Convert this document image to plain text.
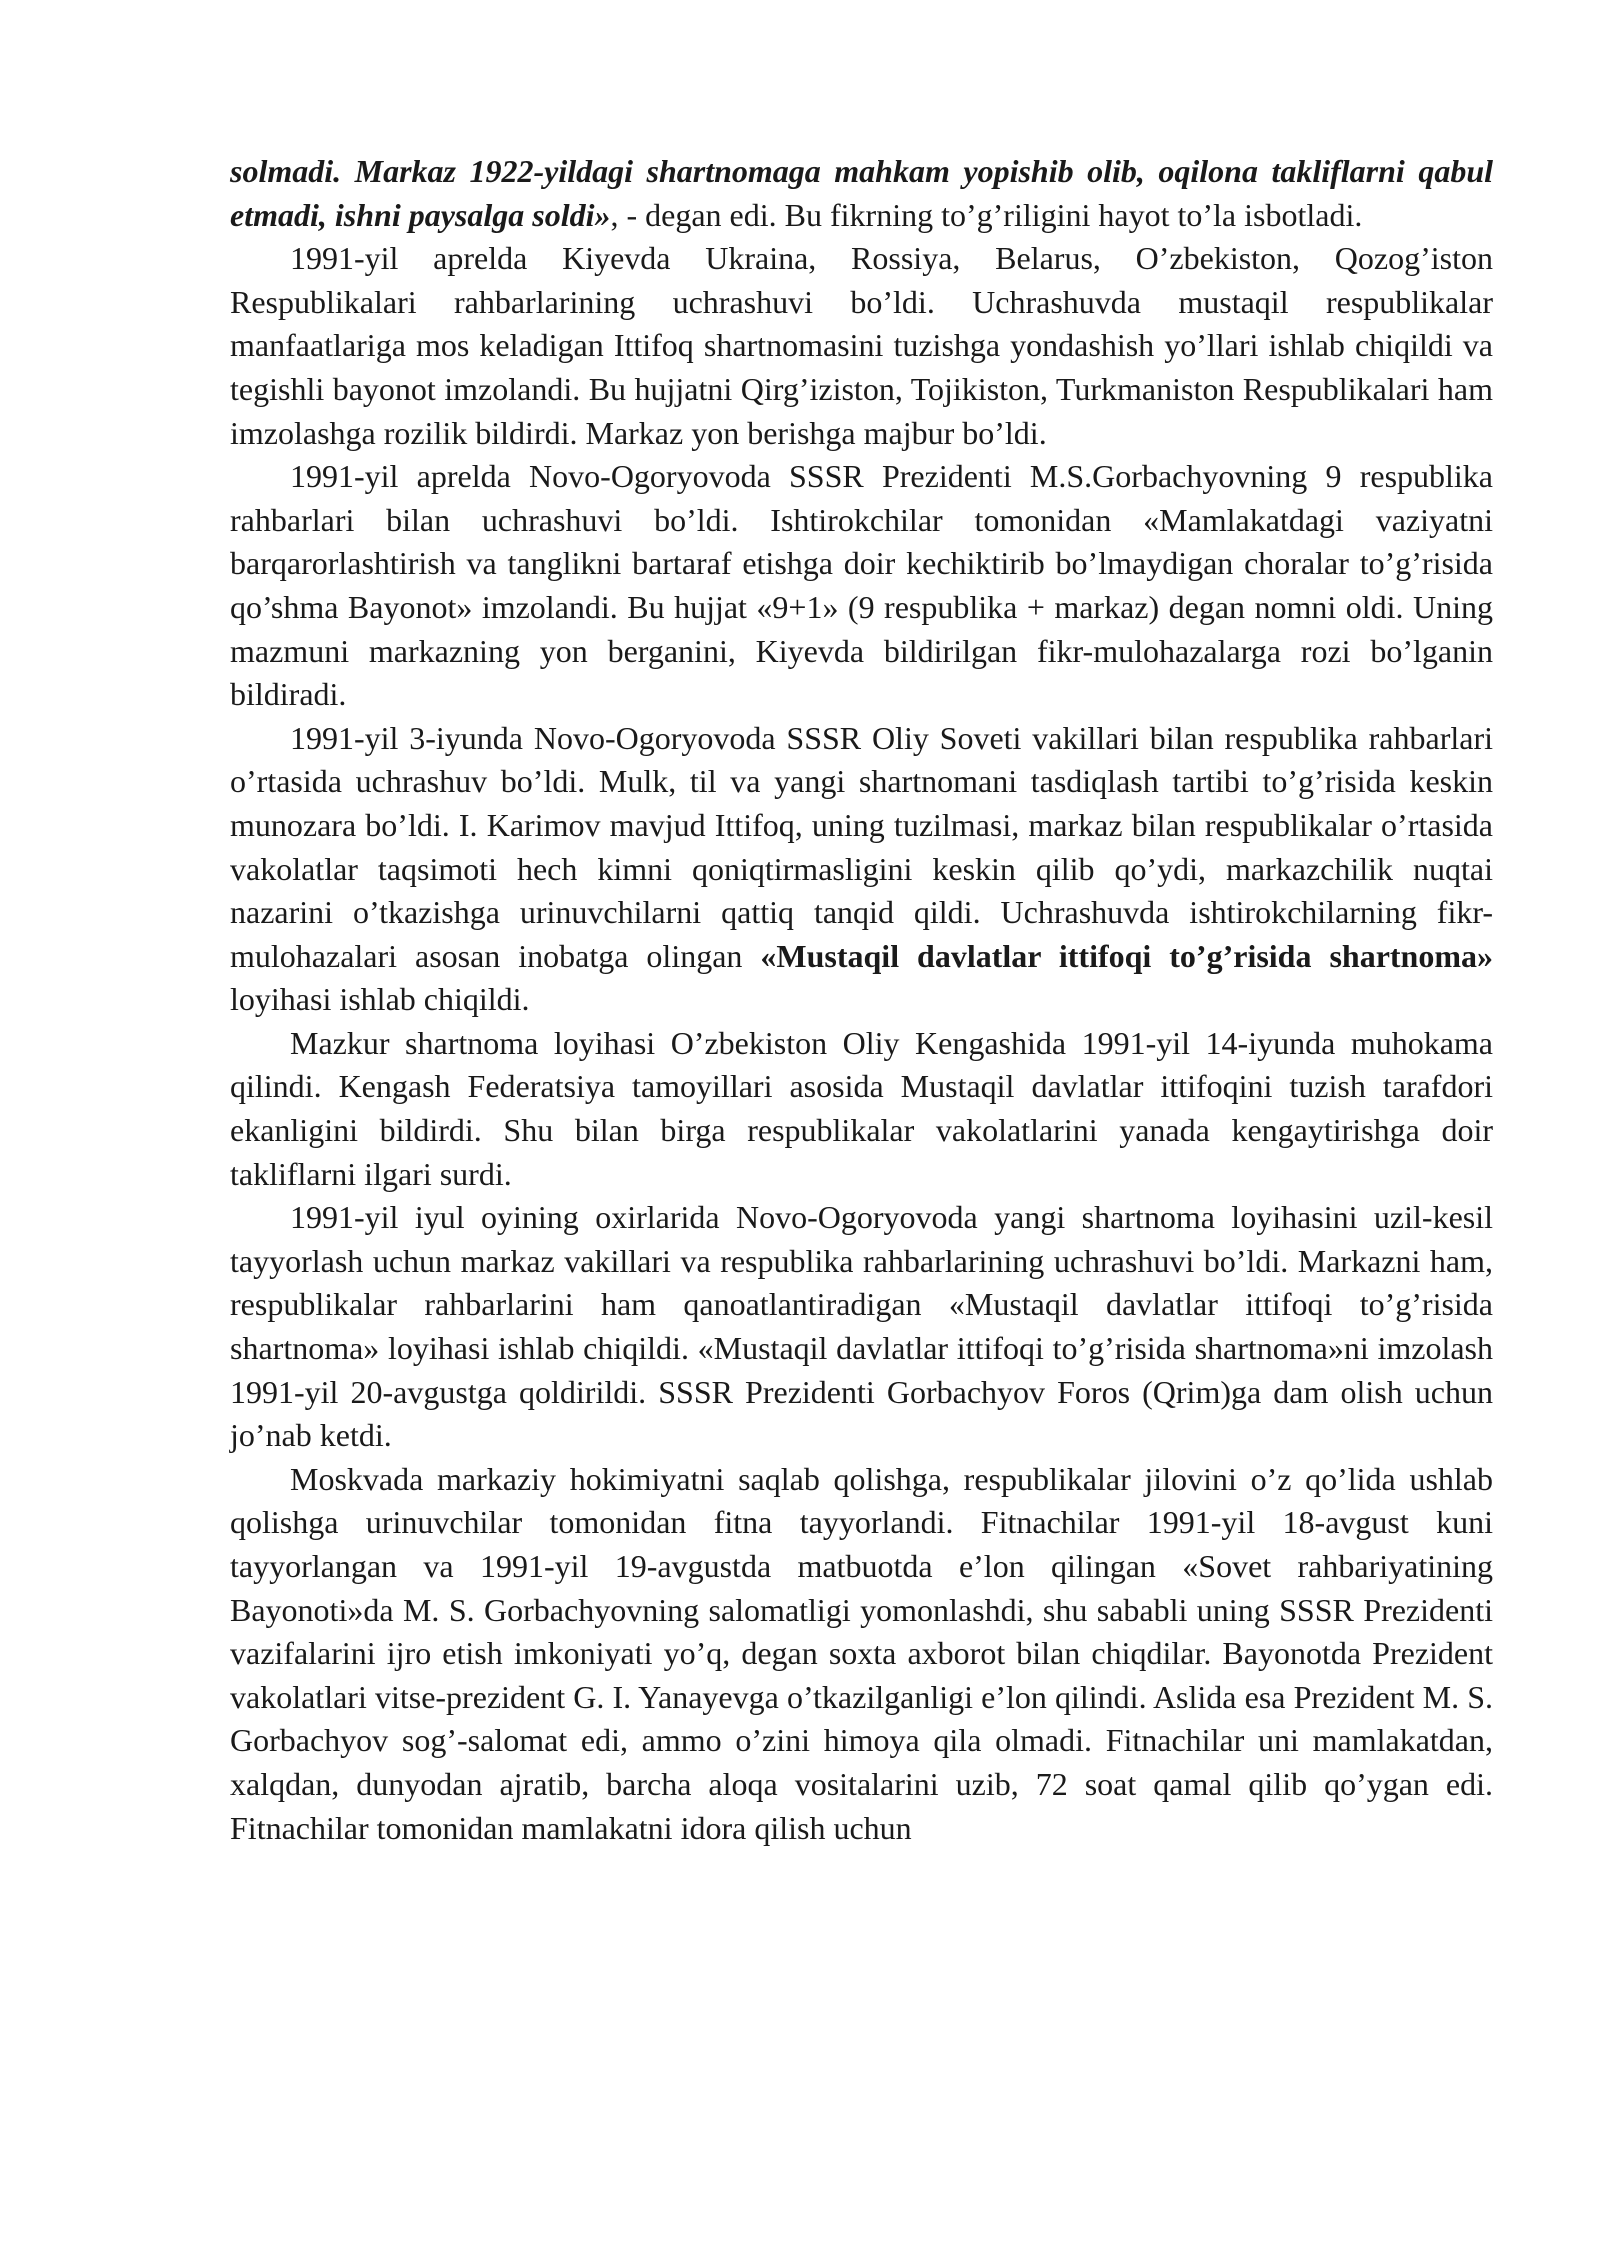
solmadi. Markaz 1922-yildagi shartnomaga mahkam yopishib olib, oqilona takliflarni qabul etmadi, ishni paysalga soldi», - degan edi. Bu fikrning to’g’riligini hayot to’la isbotladi.

1991-yil aprelda Kiyevda Ukraina, Rossiya, Belarus, O’zbekiston, Qozog’iston Respublikalari rahbarlarining uchrashuvi bo’ldi. Uchrashuvda mustaqil respublikalar manfaatlariga mos keladigan Ittifoq shartnomasini tuzishga yondashish yo’llari ishlab chiqildi va tegishli bayonot imzolandi. Bu hujjatni Qirg’iziston, Tojikiston, Turkmaniston Respublikalari ham imzolashga rozilik bildirdi. Markaz yon berishga majbur bo’ldi.

1991-yil aprelda Novo-Ogoryovoda SSSR Prezidenti M.S.Gorbachyovning 9 respublika rahbarlari bilan uchrashuvi bo’ldi. Ishtirokchilar tomonidan «Mamlakatdagi vaziyatni barqarorlashtirish va tanglikni bartaraf etishga doir kechiktirib bo’lmaydigan choralar to’g’risida qo’shma Bayonot» imzolandi. Bu hujjat «9+1» (9 respublika + markaz) degan nomni oldi. Uning mazmuni markazning yon berganini, Kiyevda bildirilgan fikr-mulohazalarga rozi bo’lganin bildiradi.

1991-yil 3-iyunda Novo-Ogoryovoda SSSR Oliy Soveti vakillari bilan respublika rahbarlari o’rtasida uchrashuv bo’ldi. Mulk, til va yangi shartnomani tasdiqlash tartibi to’g’risida keskin munozara bo’ldi. I. Karimov mavjud Ittifoq, uning tuzilmasi, markaz bilan respublikalar o’rtasida vakolatlar taqsimoti hech kimni qoniqtirmasligini keskin qilib qo’ydi, markazchilik nuqtai nazarini o’tkazishga urinuvchilarni qattiq tanqid qildi. Uchrashuvda ishtirokchilarning fikr-mulohazalari asosan inobatga olingan «Mustaqil davlatlar ittifoqi to’g’risida shartnoma» loyihasi ishlab chiqildi.

Mazkur shartnoma loyihasi O’zbekiston Oliy Kengashida 1991-yil 14-iyunda muhokama qilindi. Kengash Federatsiya tamoyillari asosida Mustaqil davlatlar ittifoqini tuzish tarafdori ekanligini bildirdi. Shu bilan birga respublikalar vakolatlarini yanada kengaytirishga doir takliflarni ilgari surdi.

1991-yil iyul oyining oxirlarida Novo-Ogoryovoda yangi shartnoma loyihasini uzil-kesil tayyorlash uchun markaz vakillari va respublika rahbarlarining uchrashuvi bo’ldi. Markazni ham, respublikalar rahbarlarini ham qanoatlantiradigan «Mustaqil davlatlar ittifoqi to’g’risida shartnoma» loyihasi ishlab chiqildi. «Mustaqil davlatlar ittifoqi to’g’risida shartnoma»ni imzolash 1991-yil 20-avgustga qoldirildi. SSSR Prezidenti Gorbachyov Foros (Qrim)ga dam olish uchun jo’nab ketdi.

Moskvada markaziy hokimiyatni saqlab qolishga, respublikalar jilovini o’z qo’lida ushlab qolishga urinuvchilar tomonidan fitna tayyorlandi. Fitnachilar 1991-yil 18-avgust kuni tayyorlangan va 1991-yil 19-avgustda matbuotda e’lon qilingan «Sovet rahbariyatining Bayonoti»da M. S. Gorbachyovning salomatligi yomonlashdi, shu sababli uning SSSR Prezidenti vazifalarini ijro etish imkoniyati yo’q, degan soxta axborot bilan chiqdilar. Bayonotda Prezident vakolatlari vitse-prezident G. I. Yanayevga o’tkazilganligi e’lon qilindi. Aslida esa Prezident M. S. Gorbachyov sog’-salomat edi, ammo o’zini himoya qila olmadi. Fitnachilar uni mamlakatdan, xalqdan, dunyodan ajratib, barcha aloqa vositalarini uzib, 72 soat qamal qilib qo’ygan edi. Fitnachilar tomonidan mamlakatni idora qilish uchun
